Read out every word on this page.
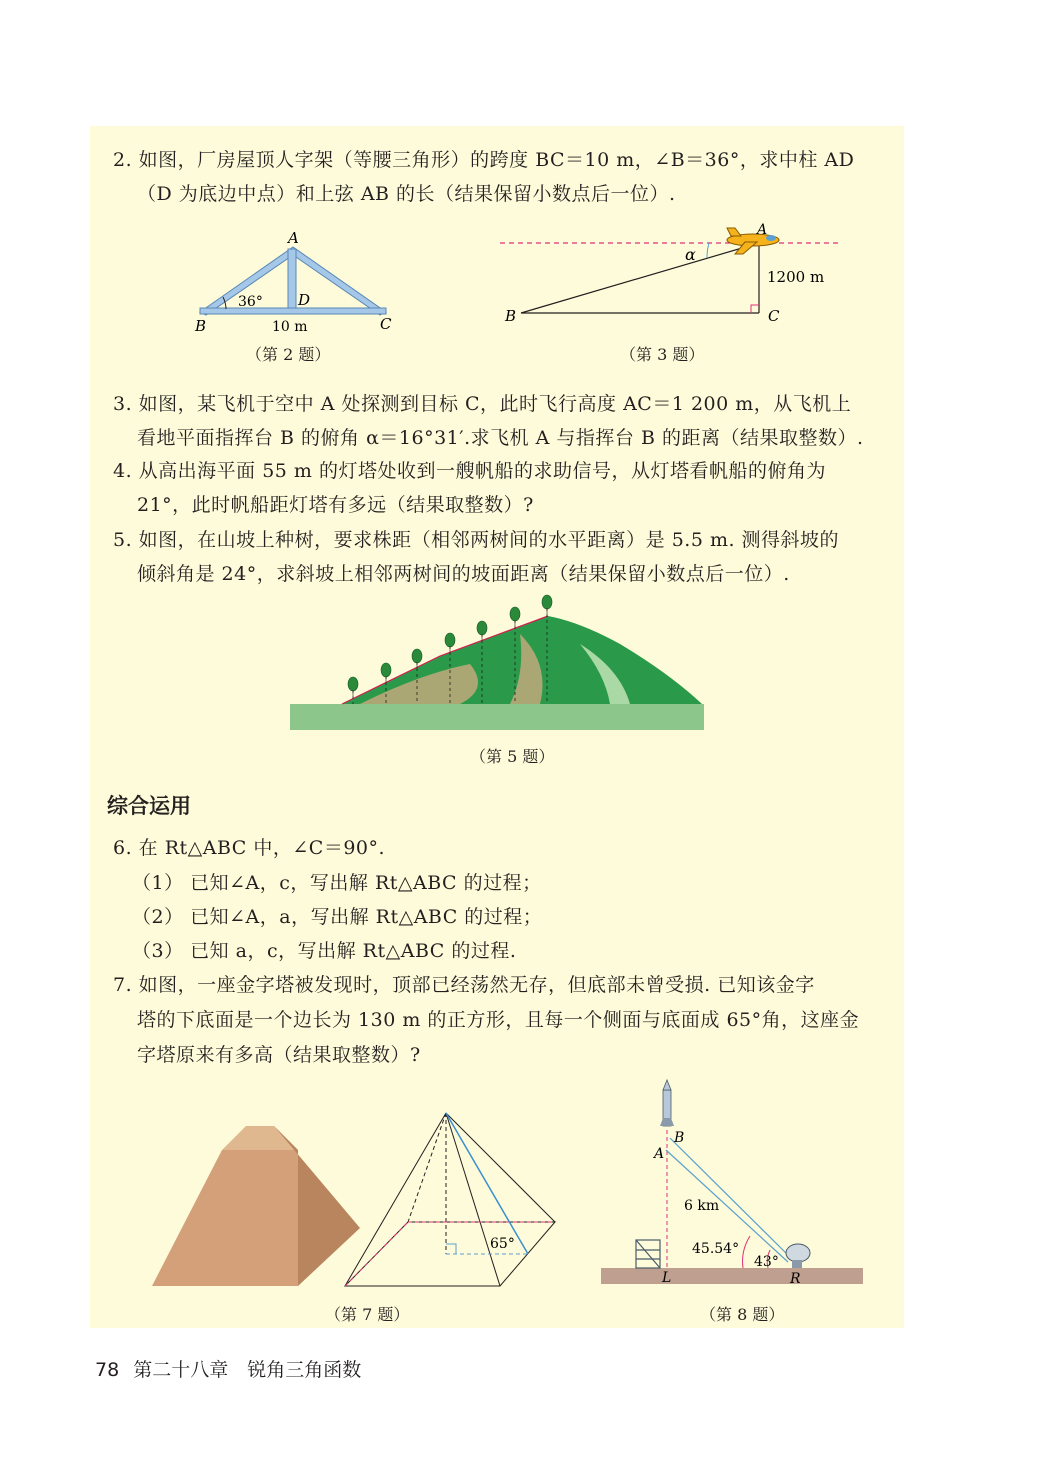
2. 如图，厂房屋顶人字架（等腰三角形）的跨度 BC＝10 m，∠B＝36°，求中柱 AD
（D 为底边中点）和上弦 AB 的长（结果保留小数点后一位）.
A
B	C
D
36°
10 m
（第 2 题）
A
α
1200 m
B	C
（第 3 题）
3. 如图，某飞机于空中 A 处探测到目标 C，此时飞行高度 AC＝1 200 m，从飞机上
看地平面指挥台 B 的俯角 α＝16°31′.求飞机 A 与指挥台 B 的距离（结果取整数）.
4. 从高出海平面 55 m 的灯塔处收到一艘帆船的求助信号，从灯塔看帆船的俯角为
21°，此时帆船距灯塔有多远（结果取整数）?
5. 如图，在山坡上种树，要求株距（相邻两树间的水平距离）是 5.5 m. 测得斜坡的
倾斜角是 24°，求斜坡上相邻两树间的坡面距离（结果保留小数点后一位）.
（第 5 题）
综合运用
6. 在 Rt△ABC 中，∠C＝90°.
（1） 已知∠A，c，写出解 Rt△ABC 的过程；
（2） 已知∠A，a，写出解 Rt△ABC 的过程；
（3） 已知 a，c，写出解 Rt△ABC 的过程.
7. 如图，一座金字塔被发现时，顶部已经荡然无存，但底部未曾受损. 已知该金字
塔的下底面是一个边长为 130 m 的正方形，且每一个侧面与底面成 65°角，这座金
字塔原来有多高（结果取整数）?
65°
（第 7 题）
B
A
6 km
45.54°
43°
L	R
（第 8 题）
78 第二十八章　锐角三角函数
